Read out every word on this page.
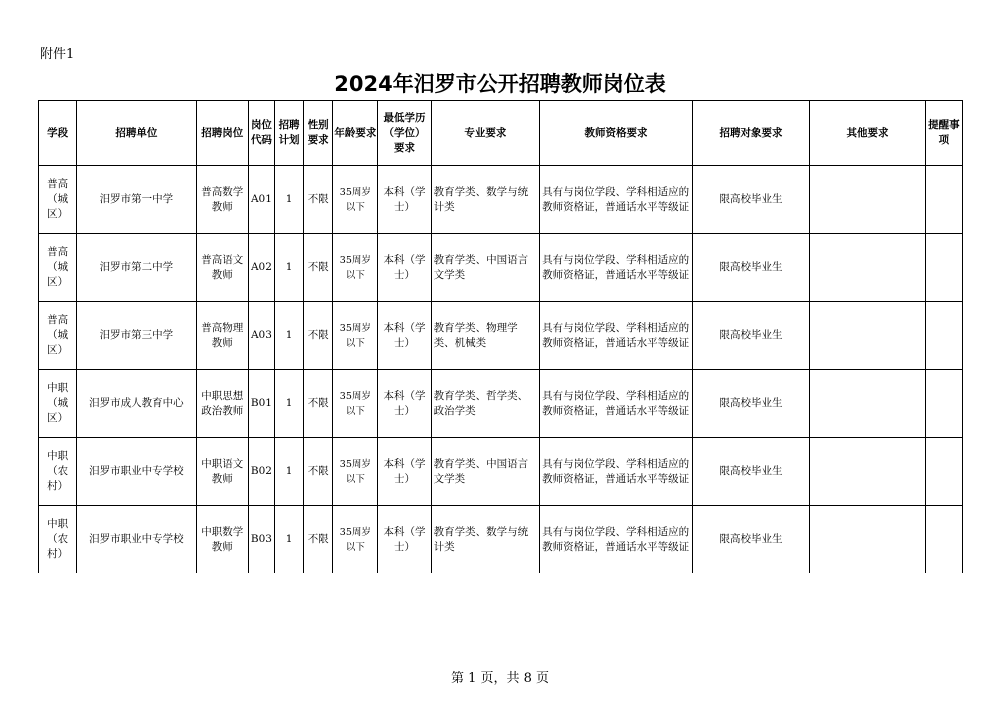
附件1
2024年汨罗市公开招聘教师岗位表
学段	招聘单位	招聘岗位	岗位代码	招聘计划	性别要求	年龄要求	最低学历（学位）要求	专业要求	教师资格要求	招聘对象要求	其他要求	提醒事项
普高（城区）	汨罗市第一中学	普高数学教师	A01	1	不限	35周岁以下	本科（学士）	教育学类、数学与统计类	具有与岗位学段、学科相适应的教师资格证，普通话水平等级证	限高校毕业生		
普高（城区）	汨罗市第二中学	普高语文教师	A02	1	不限	35周岁以下	本科（学士）	教育学类、中国语言文学类	具有与岗位学段、学科相适应的教师资格证，普通话水平等级证	限高校毕业生		
普高（城区）	汨罗市第三中学	普高物理教师	A03	1	不限	35周岁以下	本科（学士）	教育学类、物理学类、机械类	具有与岗位学段、学科相适应的教师资格证，普通话水平等级证	限高校毕业生		
中职（城区）	汨罗市成人教育中心	中职思想政治教师	B01	1	不限	35周岁以下	本科（学士）	教育学类、哲学类、政治学类	具有与岗位学段、学科相适应的教师资格证，普通话水平等级证	限高校毕业生		
中职（农村）	汨罗市职业中专学校	中职语文教师	B02	1	不限	35周岁以下	本科（学士）	教育学类、中国语言文学类	具有与岗位学段、学科相适应的教师资格证，普通话水平等级证	限高校毕业生		
中职（农村）	汨罗市职业中专学校	中职数学教师	B03	1	不限	35周岁以下	本科（学士）	教育学类、数学与统计类	具有与岗位学段、学科相适应的教师资格证，普通话水平等级证	限高校毕业生		
第 1 页，共 8 页
